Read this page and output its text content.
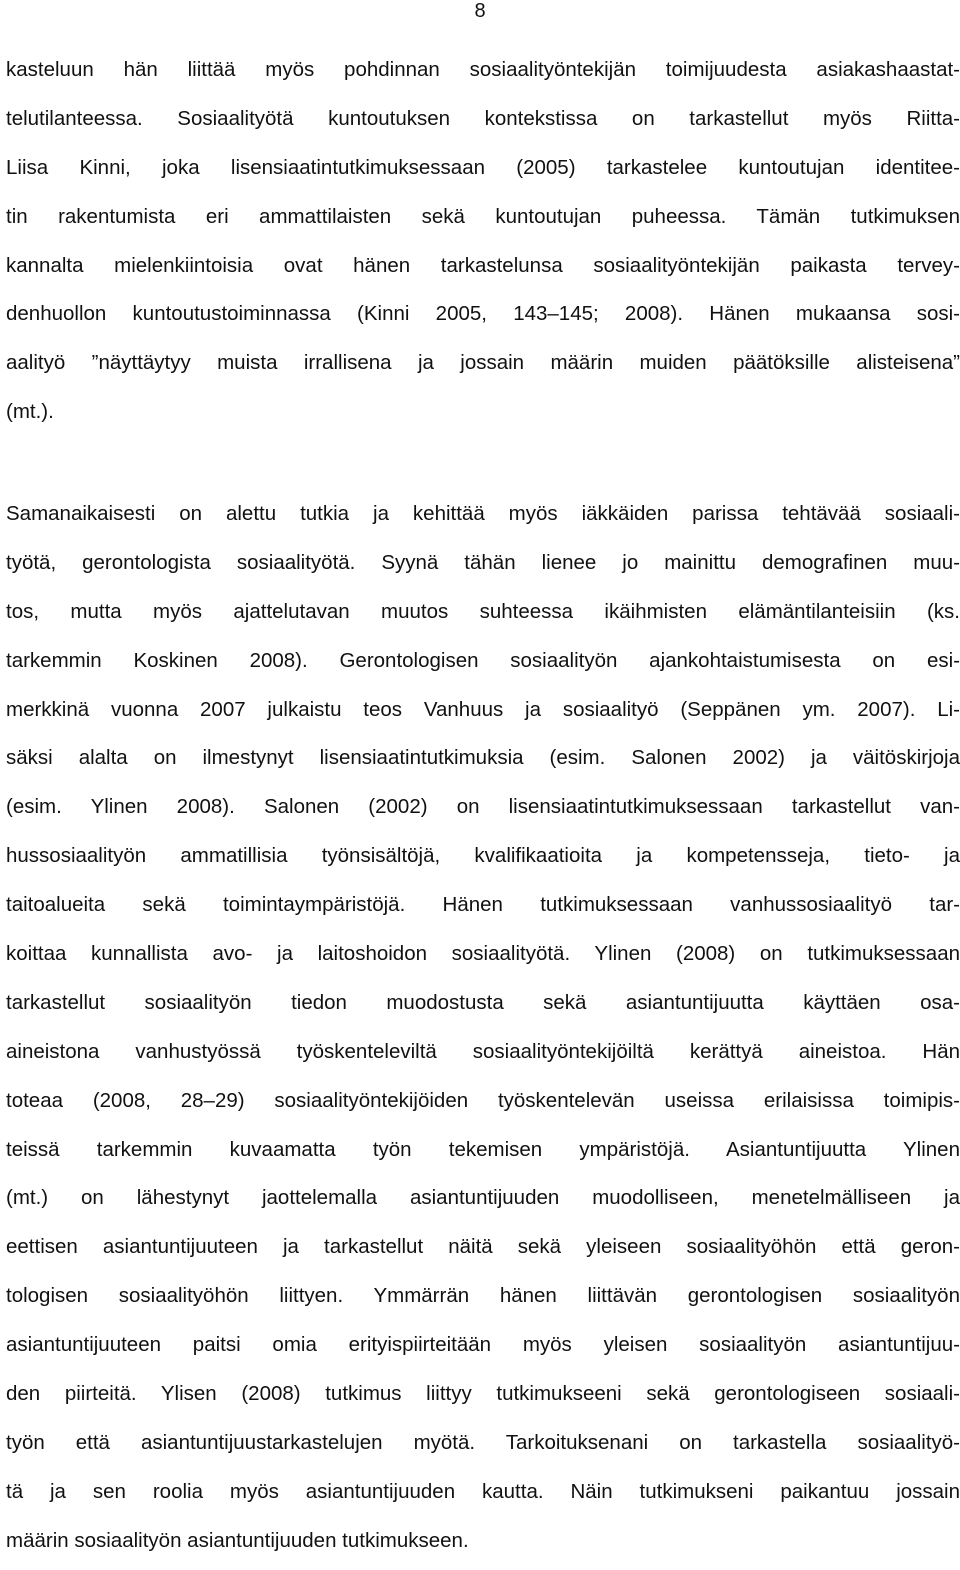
8
kasteluun hän liittää myös pohdinnan sosiaalityöntekijän toimijuudesta asiakashaastat-
telutilanteessa. Sosiaalityötä kuntoutuksen kontekstissa on tarkastellut myös Riitta-
Liisa Kinni, joka lisensiaatintutkimuksessaan (2005) tarkastelee kuntoutujan identitee-
tin rakentumista eri ammattilaisten sekä kuntoutujan puheessa. Tämän tutkimuksen
kannalta mielenkiintoisia ovat hänen tarkastelunsa sosiaalityöntekijän paikasta tervey-
denhuollon kuntoutustoiminnassa (Kinni 2005, 143–145; 2008). Hänen mukaansa sosi-
aalityö ”näyttäytyy muista irrallisena ja jossain määrin muiden päätöksille alisteisena”
(mt.).
Samanaikaisesti on alettu tutkia ja kehittää myös iäkkäiden parissa tehtävää sosiaali-
työtä, gerontologista sosiaalityötä. Syynä tähän lienee jo mainittu demografinen muu-
tos, mutta myös ajattelutavan muutos suhteessa ikäihmisten elämäntilanteisiin (ks.
tarkemmin Koskinen 2008). Gerontologisen sosiaalityön ajankohtaistumisesta on esi-
merkkinä vuonna 2007 julkaistu teos Vanhuus ja sosiaalityö (Seppänen ym. 2007). Li-
säksi alalta on ilmestynyt lisensiaatintutkimuksia (esim. Salonen 2002) ja väitöskirjoja
(esim. Ylinen 2008). Salonen (2002) on lisensiaatintutkimuksessaan tarkastellut van-
hussosiaalityön ammatillisia työnsisältöjä, kvalifikaatioita ja kompetensseja, tieto- ja
taitoalueita sekä toimintaympäristöjä. Hänen tutkimuksessaan vanhussosiaalityö tar-
koittaa kunnallista avo- ja laitoshoidon sosiaalityötä. Ylinen (2008) on tutkimuksessaan
tarkastellut sosiaalityön tiedon muodostusta sekä asiantuntijuutta käyttäen osa-
aineistona vanhustyössä työskenteleviltä sosiaalityöntekijöiltä kerättyä aineistoa. Hän
toteaa (2008, 28–29) sosiaalityöntekijöiden työskentelevän useissa erilaisissa toimipis-
teissä tarkemmin kuvaamatta työn tekemisen ympäristöjä. Asiantuntijuutta Ylinen
(mt.) on lähestynyt jaottelemalla asiantuntijuuden muodolliseen, menetelmälliseen ja
eettisen asiantuntijuuteen ja tarkastellut näitä sekä yleiseen sosiaalityöhön että geron-
tologisen sosiaalityöhön liittyen. Ymmärrän hänen liittävän gerontologisen sosiaalityön
asiantuntijuuteen paitsi omia erityispiirteitään myös yleisen sosiaalityön asiantuntijuu-
den piirteitä. Ylisen (2008) tutkimus liittyy tutkimukseeni sekä gerontologiseen sosiaali-
työn että asiantuntijuustarkastelujen myötä. Tarkoituksenani on tarkastella sosiaalityö-
tä ja sen roolia myös asiantuntijuuden kautta. Näin tutkimukseni paikantuu jossain
määrin sosiaalityön asiantuntijuuden tutkimukseen.
